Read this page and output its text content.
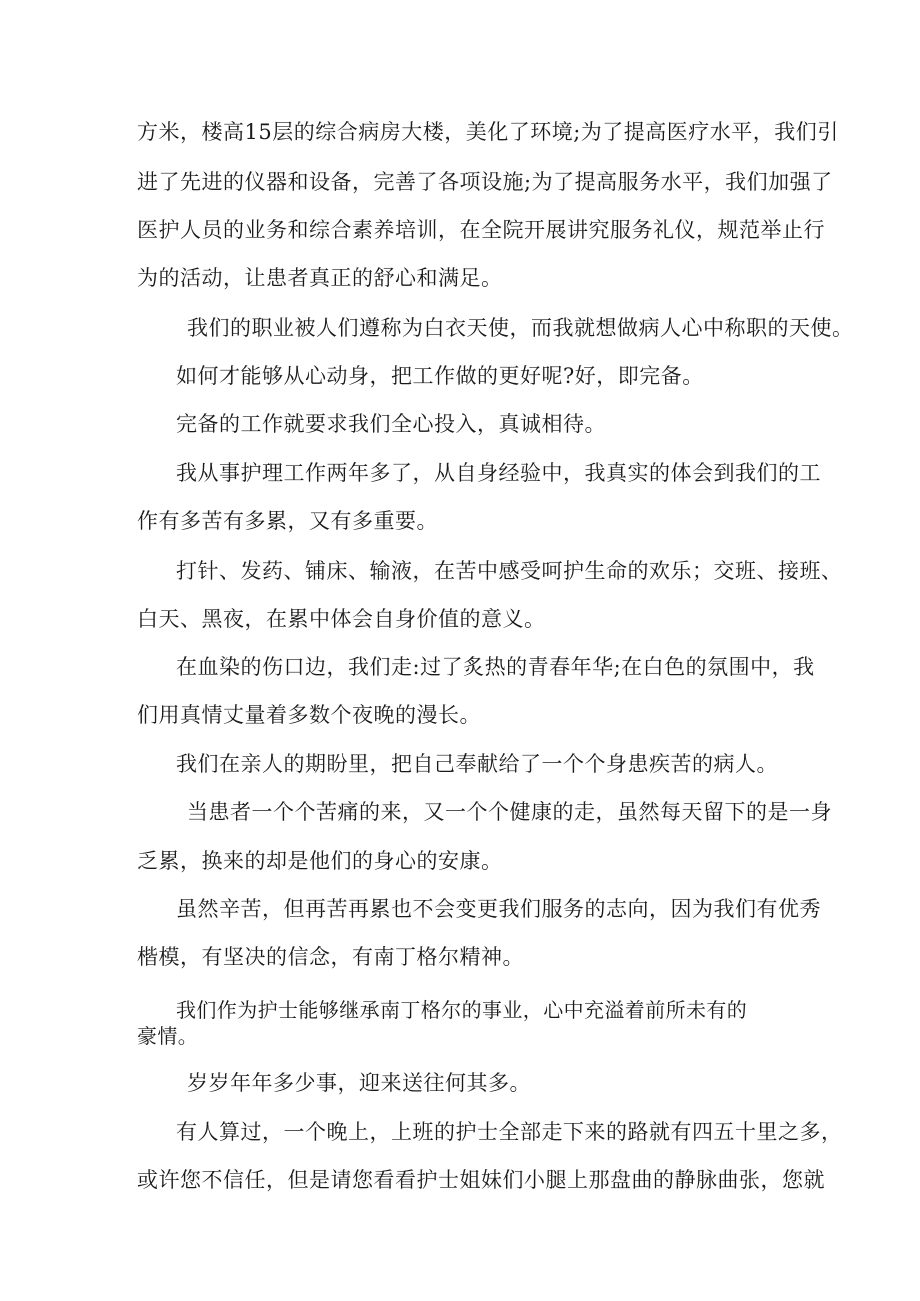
方米，楼高15层的综合病房大楼，美化了环境;为了提高医疗水平，我们引
进了先进的仪器和设备，完善了各项设施;为了提高服务水平，我们加强了
医护人员的业务和综合素养培训，在全院开展讲究服务礼仪，规范举止行
为的活动，让患者真正的舒心和满足。
我们的职业被人们遵称为白衣天使，而我就想做病人心中称职的天使。
如何才能够从心动身，把工作做的更好呢?好，即完备。
完备的工作就要求我们全心投入，真诚相待。
我从事护理工作两年多了，从自身经验中，我真实的体会到我们的工
作有多苦有多累，又有多重要。
打针、发药、铺床、输液，在苦中感受呵护生命的欢乐；交班、接班、
白天、黑夜，在累中体会自身价值的意义。
在血染的伤口边，我们走:过了炙热的青春年华;在白色的氛围中，我
们用真情丈量着多数个夜晚的漫长。
我们在亲人的期盼里，把自己奉献给了一个个身患疾苦的病人。
当患者一个个苦痛的来，又一个个健康的走，虽然每天留下的是一身
乏累，换来的却是他们的身心的安康。
虽然辛苦，但再苦再累也不会变更我们服务的志向，因为我们有优秀
楷模，有坚决的信念，有南丁格尔精神。
我们作为护士能够继承南丁格尔的事业，心中充溢着前所未有的
豪情。
岁岁年年多少事，迎来送往何其多。
有人算过，一个晚上，上班的护士全部走下来的路就有四五十里之多，
或许您不信任，但是请您看看护士姐妹们小腿上那盘曲的静脉曲张，您就
